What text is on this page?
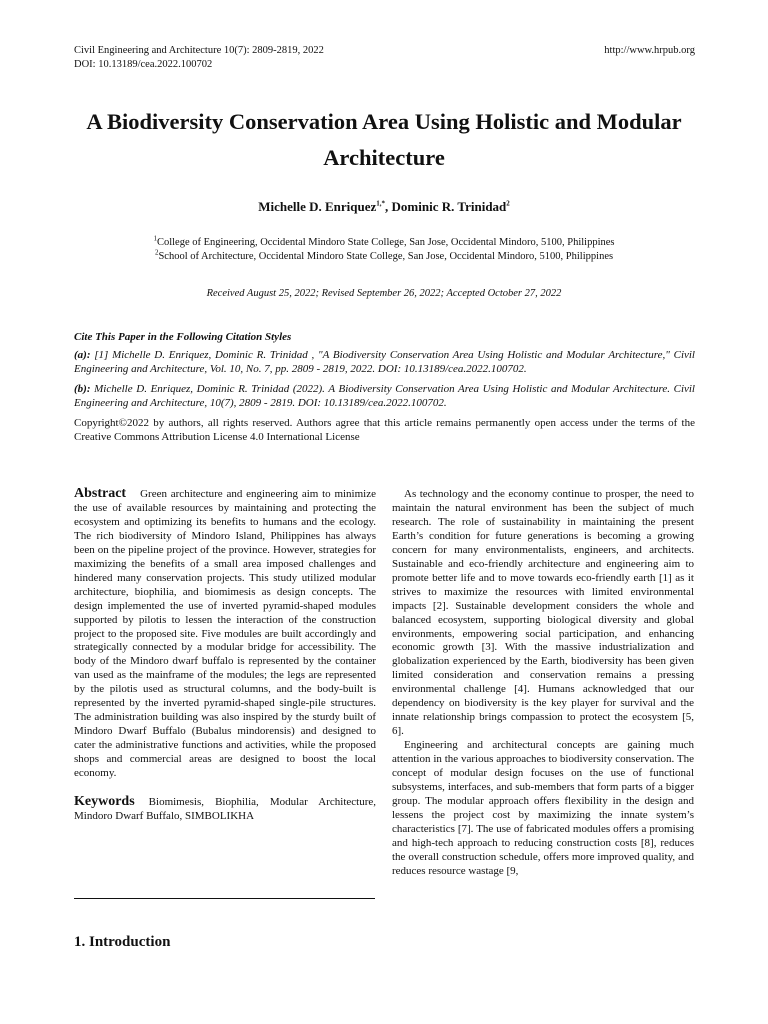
Civil Engineering and Architecture 10(7): 2809-2819, 2022
DOI: 10.13189/cea.2022.100702
http://www.hrpub.org
A Biodiversity Conservation Area Using Holistic and Modular Architecture
Michelle D. Enriquez$^{1,*}$, Dominic R. Trinidad$^2$
$^1$College of Engineering, Occidental Mindoro State College, San Jose, Occidental Mindoro, 5100, Philippines
$^2$School of Architecture, Occidental Mindoro State College, San Jose, Occidental Mindoro, 5100, Philippines
Received August 25, 2022; Revised September 26, 2022; Accepted October 27, 2022
Cite This Paper in the Following Citation Styles
(a): [1] Michelle D. Enriquez, Dominic R. Trinidad , "A Biodiversity Conservation Area Using Holistic and Modular Architecture," Civil Engineering and Architecture, Vol. 10, No. 7, pp. 2809 - 2819, 2022. DOI: 10.13189/cea.2022.100702.
(b): Michelle D. Enriquez, Dominic R. Trinidad (2022). A Biodiversity Conservation Area Using Holistic and Modular Architecture. Civil Engineering and Architecture, 10(7), 2809 - 2819. DOI: 10.13189/cea.2022.100702.
Copyright©2022 by authors, all rights reserved. Authors agree that this article remains permanently open access under the terms of the Creative Commons Attribution License 4.0 International License
Abstract Green architecture and engineering aim to minimize the use of available resources by maintaining and protecting the ecosystem and optimizing its benefits to humans and the ecology. The rich biodiversity of Mindoro Island, Philippines has always been on the pipeline project of the province. However, strategies for maximizing the benefits of a small area imposed challenges and hindered many conservation projects. This study utilized modular architecture, biophilia, and biomimesis as design concepts. The design implemented the use of inverted pyramid-shaped modules supported by pilotis to lessen the interaction of the construction project to the proposed site. Five modules are built accordingly and strategically connected by a modular bridge for accessibility. The body of the Mindoro dwarf buffalo is represented by the container van used as the mainframe of the modules; the legs are represented by the pilotis used as structural columns, and the body-built is represented by the inverted pyramid-shaped single-pile structures. The administration building was also inspired by the sturdy built of Mindoro Dwarf Buffalo (Bubalus mindorensis) and designed to cater the administrative functions and activities, while the proposed shops and commercial areas are designed to boost the local economy.
Keywords Biomimesis, Biophilia, Modular Architecture, Mindoro Dwarf Buffalo, SIMBOLIKHA
1. Introduction

As technology and the economy continue to prosper, the need to maintain the natural environment has been the subject of much research. The role of sustainability in maintaining the present Earth’s condition for future generations is becoming a growing concern for many environmentalists, engineers, and architects. Sustainable and eco-friendly architecture and engineering aim to promote better life and to move towards eco-friendly earth [1] as it strives to maximize the resources with limited environmental impacts [2]. Sustainable development considers the whole and balanced ecosystem, supporting biological diversity and global environments, empowering social participation, and enhancing economic growth [3]. With the massive industrialization and globalization experienced by the Earth, biodiversity has been given limited consideration and conservation remains a pressing environmental challenge [4]. Humans acknowledged that our dependency on biodiversity is the key player for survival and the innate relationship brings compassion to protect the ecosystem [5, 6].

Engineering and architectural concepts are gaining much attention in the various approaches to biodiversity conservation. The concept of modular design focuses on the use of functional subsystems, interfaces, and sub-members that form parts of a bigger group. The modular approach offers flexibility in the design and lessens the project cost by maximizing the innate system’s characteristics [7]. The use of fabricated modules offers a promising and high-tech approach to reducing construction costs [8], reduces the overall construction schedule, offers more improved quality, and reduces resource wastage [9,
